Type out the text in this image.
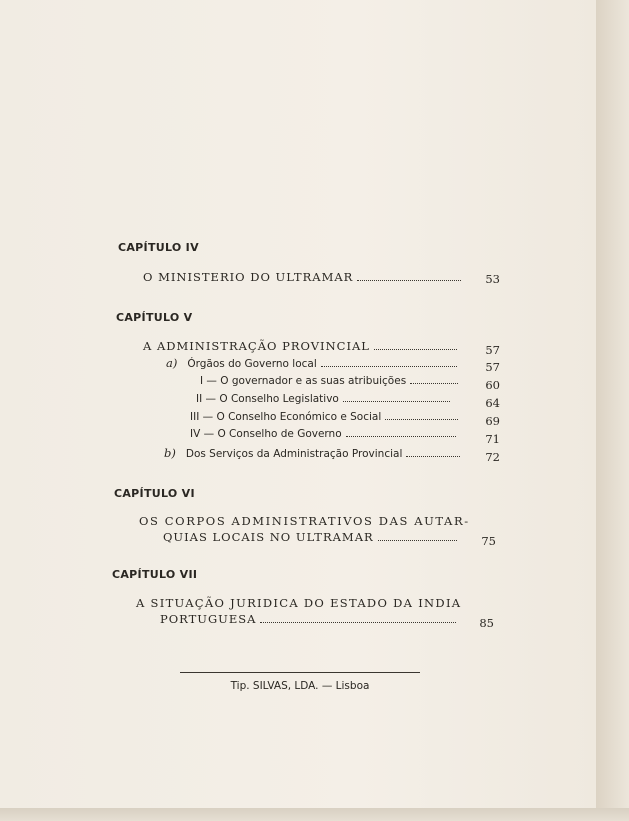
CAPÍTULO IV
O MINISTERIO DO ULTRAMAR	53
CAPÍTULO V
A ADMINISTRAÇÃO PROVINCIAL	57
a) Órgãos do Governo local	57
I — O governador e as suas atribuições	60
II — O Conselho Legislativo	64
III — O Conselho Económico e Social	69
IV — O Conselho de Governo	71
b) Dos Serviços da Administração Provincial	72
CAPÍTULO VI
OS CORPOS ADMINISTRATIVOS DAS AUTAR-
QUIAS LOCAIS NO ULTRAMAR	75
CAPÍTULO VII
A SITUAÇÃO JURIDICA DO ESTADO DA INDIA
PORTUGUESA	85
Tip. SILVAS, LDA. — Lisboa
